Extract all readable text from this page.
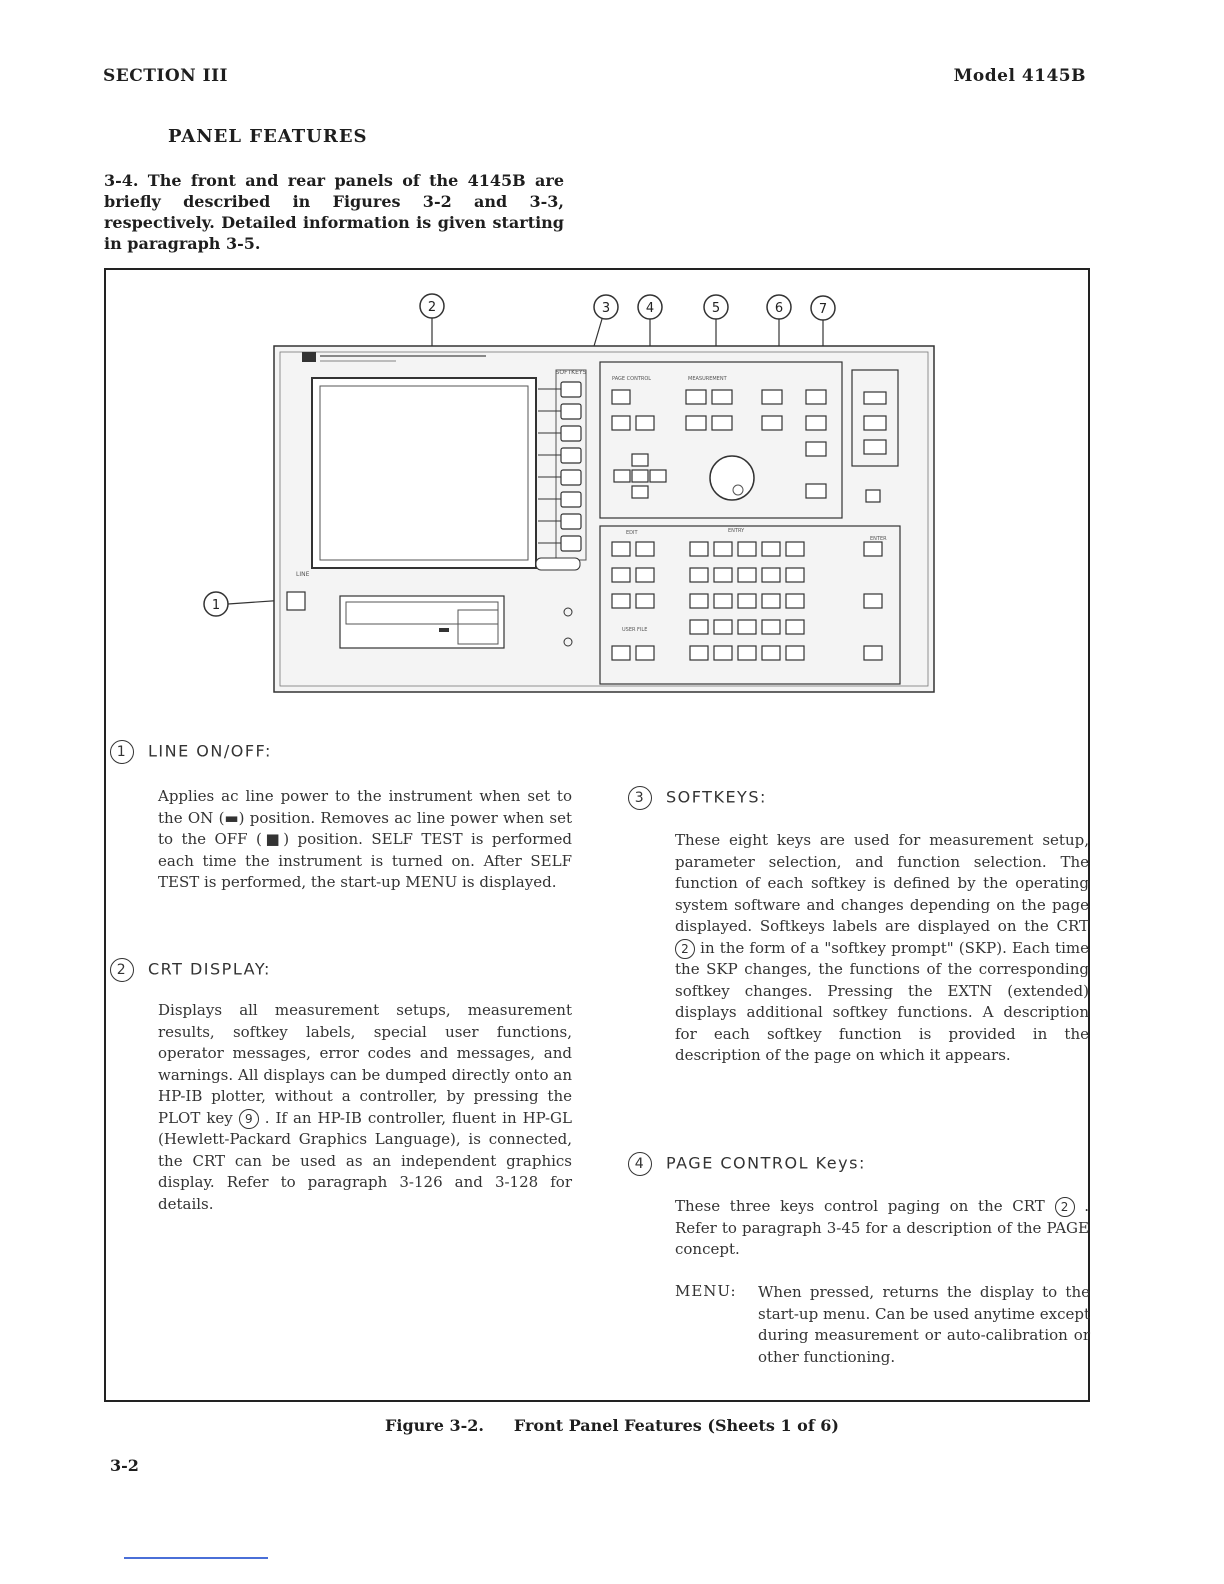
SECTION III	Model 4145B
PANEL FEATURES
3-4. The front and rear panels of the 4145B are briefly described in Figures 3-2 and 3-3, respectively. Detailed information is given starting in paragraph 3-5.
2	3	4	5	6	7
1
SOFTKEYS
LINE
PAGE CONTROL	MEASUREMENT
EDIT	ENTRY
ENTER
USER FILE
1 LINE ON/OFF:
Applies ac line power to the instrument when set to the ON (▬) position. Removes ac line power when set to the OFF (■) position. SELF TEST is performed each time the instrument is turned on. After SELF TEST is performed, the start-up MENU is displayed.
2 CRT DISPLAY:
Displays all measurement setups, measurement results, softkey labels, special user functions, operator messages, error codes and messages, and warnings. All displays can be dumped directly onto an HP-IB plotter, without a controller, by pressing the PLOT key 9 . If an HP-IB controller, fluent in HP-GL (Hewlett-Packard Graphics Language), is connected, the CRT can be used as an independent graphics display. Refer to paragraph 3-126 and 3-128 for details.
3 SOFTKEYS:
These eight keys are used for measurement setup, parameter selection, and function selection. The function of each softkey is defined by the operating system software and changes depending on the page displayed. Softkeys labels are displayed on the CRT 2 in the form of a "softkey prompt" (SKP). Each time the SKP changes, the functions of the corresponding softkey changes. Pressing the EXTN (extended) displays additional softkey functions. A description for each softkey function is provided in the description of the page on which it appears.
4 PAGE CONTROL Keys:
These three keys control paging on the CRT 2 . Refer to paragraph 3-45 for a description of the PAGE concept.
MENU: When pressed, returns the display to the start-up menu. Can be used anytime except during measurement or auto-calibration or other functioning.
Figure 3-2. Front Panel Features (Sheets 1 of 6)
3-2
